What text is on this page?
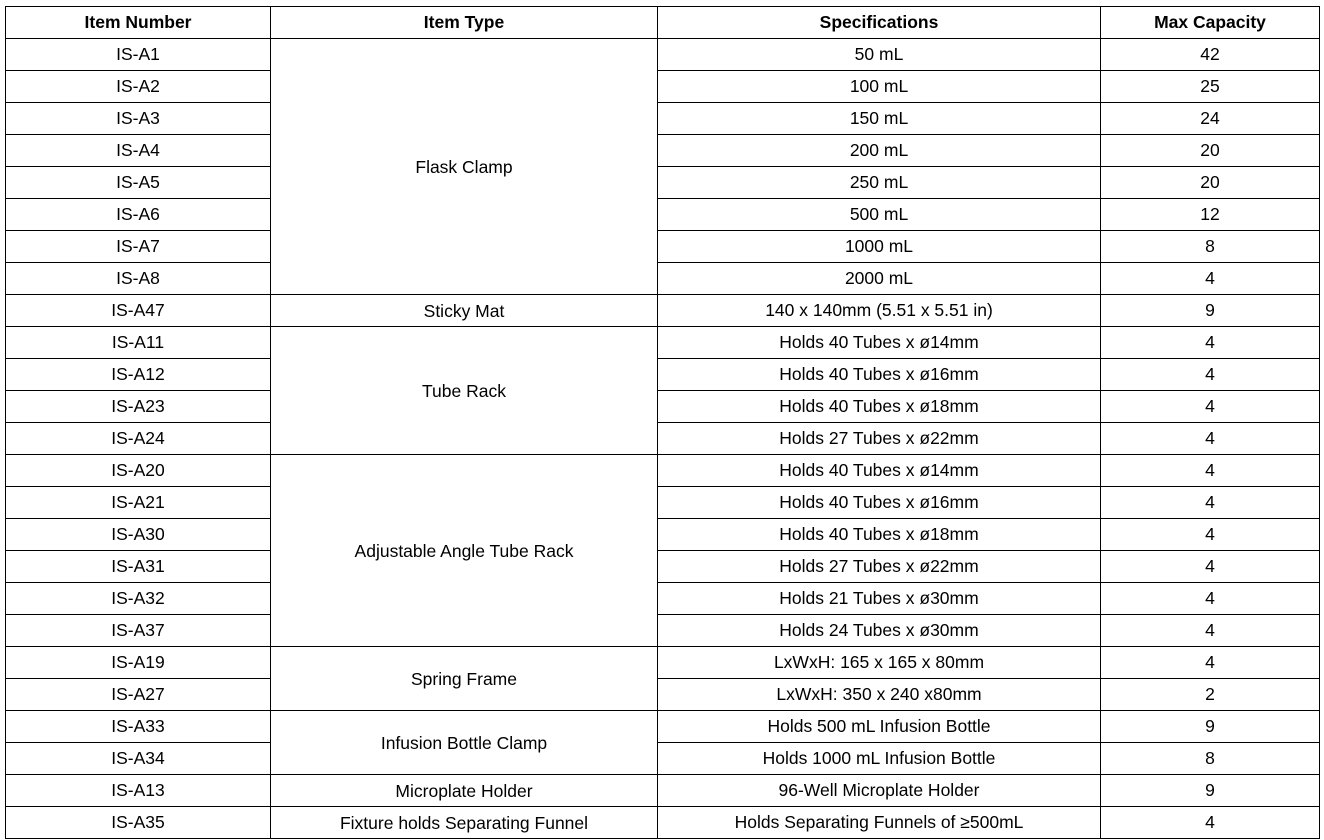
Item Number	Item Type	Specifications	Max Capacity
IS-A1	Flask Clamp	50 mL	42
IS-A2		100 mL	25
IS-A3		150 mL	24
IS-A4		200 mL	20
IS-A5		250 mL	20
IS-A6		500 mL	12
IS-A7		1000 mL	8
IS-A8		2000 mL	4
IS-A47	Sticky Mat	140 x 140mm (5.51 x 5.51 in)	9
IS-A11	Tube Rack	Holds 40 Tubes x ø14mm	4
IS-A12		Holds 40 Tubes x ø16mm	4
IS-A23		Holds 40 Tubes x ø18mm	4
IS-A24		Holds 27 Tubes x ø22mm	4
IS-A20	Adjustable Angle Tube Rack	Holds 40 Tubes x ø14mm	4
IS-A21		Holds 40 Tubes x ø16mm	4
IS-A30		Holds 40 Tubes x ø18mm	4
IS-A31		Holds 27 Tubes x ø22mm	4
IS-A32		Holds 21 Tubes x ø30mm	4
IS-A37		Holds 24 Tubes x ø30mm	4
IS-A19	Spring Frame	LxWxH: 165 x 165 x 80mm	4
IS-A27		LxWxH: 350 x 240 x80mm	2
IS-A33	Infusion Bottle Clamp	Holds 500 mL Infusion Bottle	9
IS-A34		Holds 1000 mL Infusion Bottle	8
IS-A13	Microplate Holder	96-Well Microplate Holder	9
IS-A35	Fixture holds Separating Funnel	Holds Separating Funnels of ≥500mL	4
